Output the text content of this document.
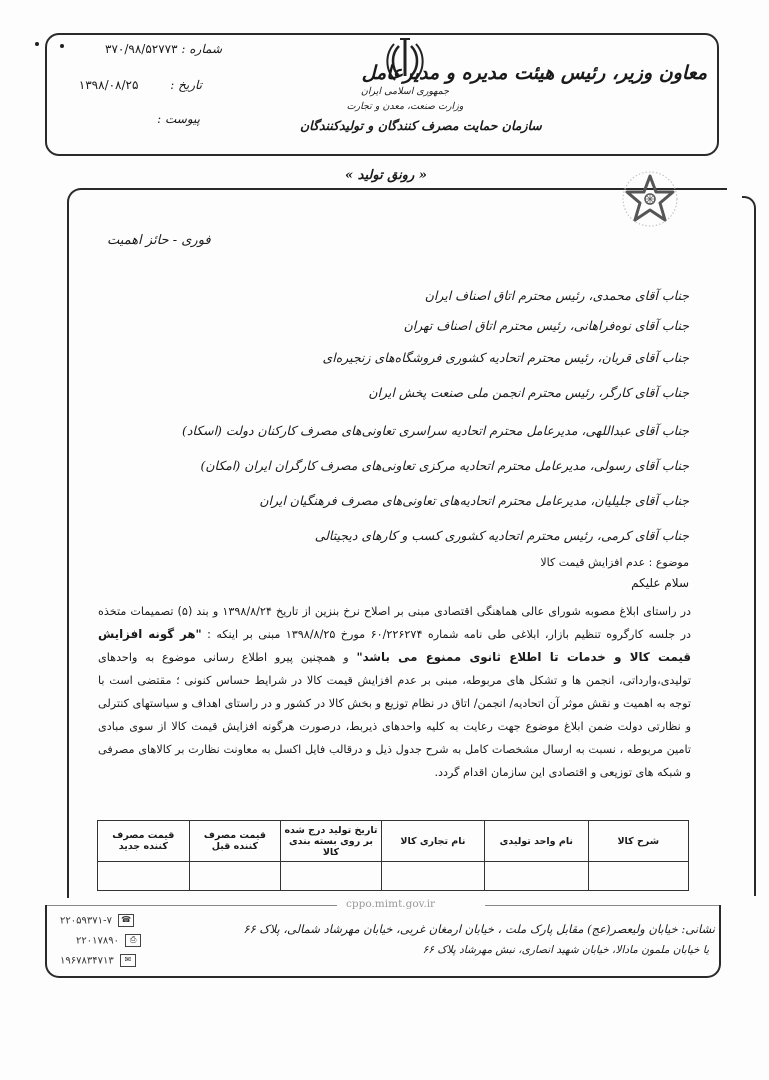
شماره : ۳۷۰/۹۸/۵۲۷۷۳
تاریخ : ۱۳۹۸/۰۸/۲۵
پیوست :
جمهوری اسلامی ایران
وزارت صنعت، معدن و تجارت
سازمان حمایت مصرف کنندگان و تولیدکنندگان
معاون وزیر، رئیس هیئت مدیره و مدیرعامل
« رونق تولید »
فوری - حائز اهمیت
جناب آقای محمدی، رئیس محترم اتاق اصناف ایران
جناب آقای نوه‌فراهانی، رئیس محترم اتاق اصناف تهران
جناب آقای قربان، رئیس محترم اتحادیه کشوری فروشگاه‌های زنجیره‌ای
جناب آقای کارگر، رئیس محترم انجمن ملی صنعت پخش ایران
جناب آقای عبداللهی، مدیرعامل محترم اتحادیه سراسری تعاونی‌های مصرف کارکنان دولت (اسکاد)
جناب آقای رسولی، مدیرعامل محترم اتحادیه مرکزی تعاونی‌های مصرف کارگران ایران (امکان)
جناب آقای جلیلیان، مدیرعامل محترم اتحادیه‌های تعاونی‌های مصرف فرهنگیان ایران
جناب آقای کرمی، رئیس محترم اتحادیه کشوری کسب و کارهای دیجیتالی
موضوع : عدم افزایش قیمت کالا
سلام علیکم
در راستای ابلاغ مصوبه شورای عالی هماهنگی اقتصادی مبنی بر اصلاح نرخ بنزین از تاریخ ۱۳۹۸/۸/۲۴ و بند (۵) تصمیمات متخذه در جلسه کارگروه تنظیم بازار، ابلاغی طی نامه شماره ۶۰/۲۲۶۲۷۴ مورخ ۱۳۹۸/۸/۲۵ مبنی بر اینکه : "هر گونه افزایش قیمت کالا و خدمات تا اطلاع ثانوی ممنوع می باشد" و همچنین پیرو اطلاع رسانی موضوع به واحدهای تولیدی،وارداتی، انجمن ها و تشکل های مربوطه، مبنی بر عدم افزایش قیمت کالا در شرایط حساس کنونی ؛ مقتضی است با توجه به اهمیت و نقش موثر آن اتحادیه/ انجمن/ اتاق در نظام توزیع و بخش کالا در کشور و در راستای اهداف و سیاستهای کنترلی و نظارتی دولت ضمن ابلاغ موضوع جهت رعایت به کلیه واحدهای ذیربط، درصورت هرگونه افزایش قیمت کالا از سوی مبادی تامین مربوطه ، نسبت به ارسال مشخصات کامل به شرح جدول ذیل و درقالب فایل اکسل به معاونت نظارت بر کالاهای مصرفی و شبکه های توزیعی و اقتصادی این سازمان اقدام گردد.
شرح کالا	نام واحد تولیدی	نام تجاری کالا	تاریخ تولید درج شده بر روی بسته بندی کالا	قیمت مصرف کننده قبل	قیمت مصرف کننده جدید

cppo.mimt.gov.ir
۲۲۰۵۹۳۷۱-۷ ☎
۲۲۰۱۷۸۹۰ ⎙
۱۹۶۷۸۳۴۷۱۳ ✉
نشانی: خیابان ولیعصر(عج) مقابل پارک ملت ، خیابان ارمغان غربی، خیابان مهرشاد شمالی، پلاک ۶۶
یا خیابان ملمون مادالا، خیابان شهید انصاری، نبش مهرشاد پلاک ۶۶
